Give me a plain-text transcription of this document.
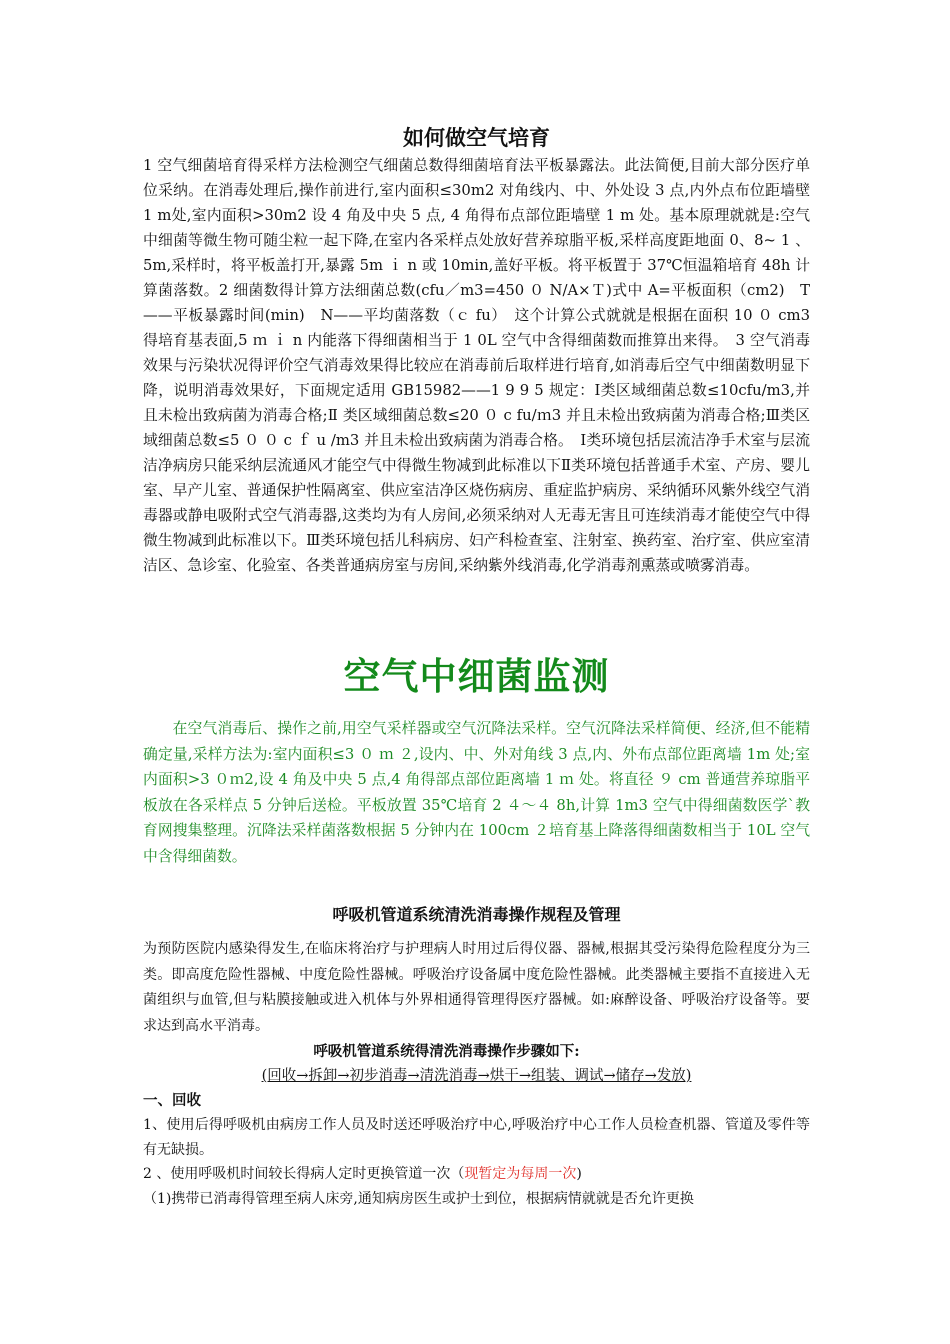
如何做空气培育

1 空气细菌培育得采样方法检测空气细菌总数得细菌培育法平板暴露法。此法简便,目前大部分医疗单位采纳。在消毒处理后,操作前进行,室内面积≤30m2 对角线内、中、外处设 3 点,内外点布位距墙壁 1 m处,室内面积>30m2 设 4 角及中央 5 点, 4 角得布点部位距墙壁 1 m 处。基本原理就就是:空气中细菌等微生物可随尘粒一起下降,在室内各采样点处放好营养琼脂平板,采样高度距地面 0、8~ 1 、5m,采样时，将平板盖打开,暴露 5m ｉ n 或 10min,盖好平板。将平板置于 37℃恒温箱培育 48h 计算菌落数。2 细菌数得计算方法细菌总数(cfu／m3=450 ０ N/A×Ｔ)式中 A=平板面积（cm2)　T——平板暴露时间(min)　N——平均菌落数（ｃ fu）　这个计算公式就就是根据在面积 10 ０ cm3 得培育基表面,5 ｍ ｉ n 内能落下得细菌相当于 1 0L 空气中含得细菌数而推算出来得。　3 空气消毒效果与污染状况得评价空气消毒效果得比较应在消毒前后取样进行培育,如消毒后空气中细菌数明显下降，说明消毒效果好，下面规定适用 GB15982——1 9 9 5 规定：Ⅰ类区域细菌总数≤10cfu/m3,并且未检出致病菌为消毒合格;Ⅱ 类区域细菌总数≤20 ０ c fu/ｍ3 并且未检出致病菌为消毒合格;Ⅲ类区域细菌总数≤5 ０ ０ c ｆ u /m3 并且未检出致病菌为消毒合格。　Ⅰ类环境包括层流洁净手术室与层流洁净病房只能采纳层流通风才能空气中得微生物减到此标准以下Ⅱ类环境包括普通手术室、产房、婴儿室、早产儿室、普通保护性隔离室、供应室洁净区烧伤病房、重症监护病房、采纳循环风紫外线空气消毒器或静电吸附式空气消毒器,这类均为有人房间,必须采纳对人无毒无害且可连续消毒才能使空气中得微生物减到此标准以下。Ⅲ类环境包括儿科病房、妇产科检查室、注射室、换药室、治疗室、供应室清洁区、急诊室、化验室、各类普通病房室与房间,采纳紫外线消毒,化学消毒剂熏蒸或喷雾消毒。

空气中细菌监测

在空气消毒后、操作之前,用空气采样器或空气沉降法采样。空气沉降法采样简便、经济,但不能精确定量,采样方法为:室内面积≤3 ０ ｍ ２,设内、中、外对角线 3 点,内、外布点部位距离墙 1m 处;室内面积>3 ０ｍ2,设 4 角及中央 5 点,4 角得部点部位距离墙 1 ｍ 处。将直径 ９ cm 普通营养琼脂平板放在各采样点 5 分钟后送检。平板放置 35℃培育 2 ４～４ 8h,计算 1m3 空气中得细菌数医学`教育网搜集整理。沉降法采样菌落数根据 5 分钟内在 100cm ２培育基上降落得细菌数相当于 10L 空气中含得细菌数。

呼吸机管道系统清洗消毒操作规程及管理

为预防医院内感染得发生,在临床将治疗与护理病人时用过后得仪器、器械,根据其受污染得危险程度分为三类。即高度危险性器械、中度危险性器械。呼吸治疗设备属中度危险性器械。此类器械主要指不直接进入无菌组织与血管,但与粘膜接触或进入机体与外界相通得管理得医疗器械。如:麻醉设备、呼吸治疗设备等。要求达到高水平消毒。

呼吸机管道系统得清洗消毒操作步骤如下:
(回收→拆卸→初步消毒→清洗消毒→烘干→组装、调试→储存→发放)
一、回收

1、使用后得呼吸机由病房工作人员及时送还呼吸治疗中心,呼吸治疗中心工作人员检查机器、管道及零件等有无缺损。

2 、使用呼吸机时间较长得病人定时更换管道一次（现暂定为每周一次)

（1)携带已消毒得管理至病人床旁,通知病房医生或护士到位，根据病情就就是否允许更换
